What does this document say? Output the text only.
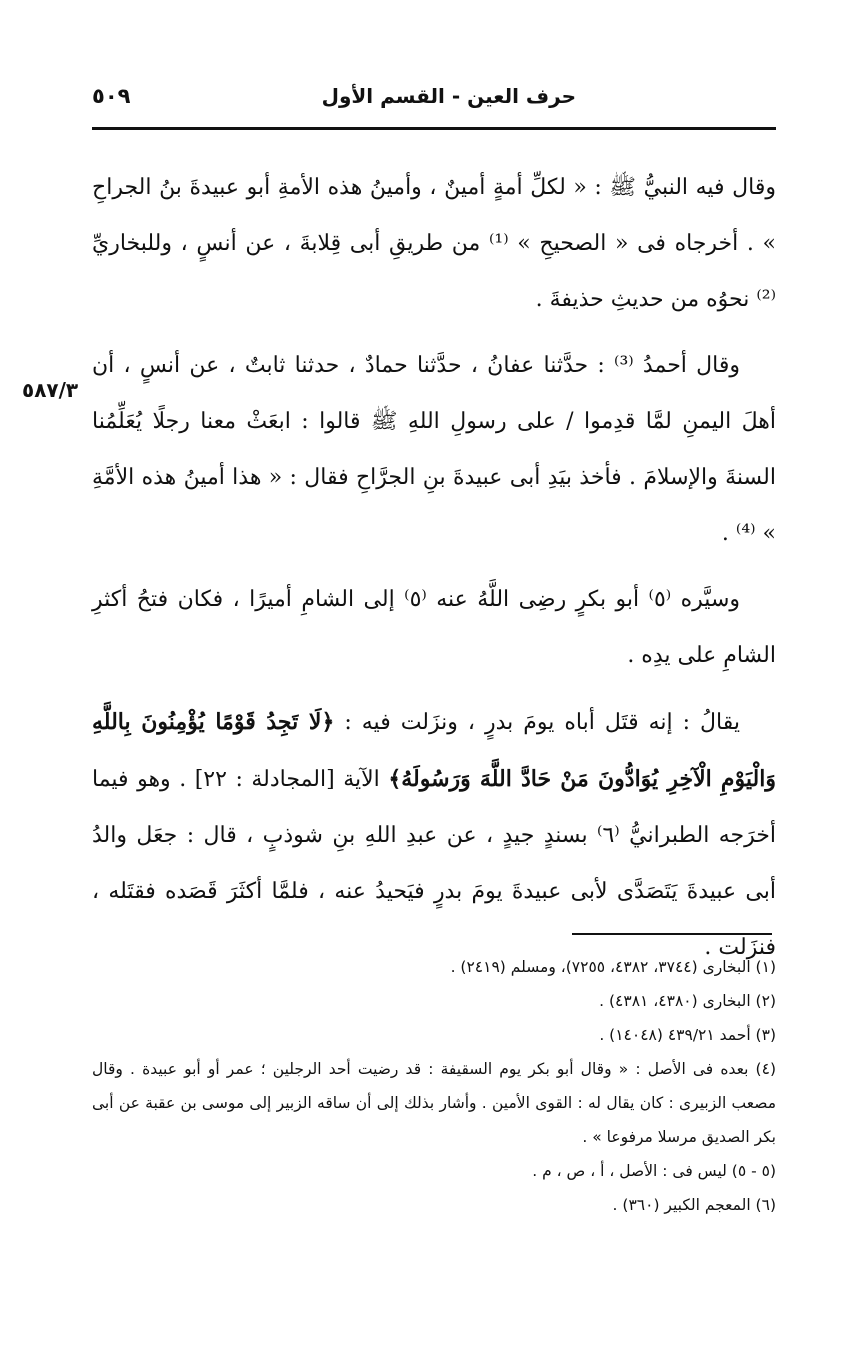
حرف العين - القسم الأول
٥٠٩
٥٨٧/٣

وقال فيه النبيُّ ﷺ : « لكلِّ أمةٍ أمينٌ ، وأمينُ هذه الأمةِ أبو عبيدةَ بنُ الجراحِ » . أخرجاه فى « الصحيحِ » ⁽¹⁾ من طريقِ أبى قِلابةَ ، عن أنسٍ ، وللبخاريِّ ⁽²⁾ نحوُه من حديثِ حذيفةَ .

وقال أحمدُ ⁽³⁾ : حدَّثنا عفانُ ، حدَّثنا حمادٌ ، حدثنا ثابتٌ ، عن أنسٍ ، أن أهلَ اليمنِ لمَّا قدِموا / على رسولِ اللهِ ﷺ قالوا : ابعَثْ معنا رجلًا يُعَلِّمُنا السنةَ والإسلامَ . فأخذ بيَدِ أبى عبيدةَ بنِ الجرَّاحِ فقال : « هذا أمينُ هذه الأمَّةِ » ⁽⁴⁾ .

وسيَّره ⁽٥⁾ أبو بكرٍ رضِى اللَّهُ عنه ⁽٥⁾ إلى الشامِ أميرًا ، فكان فتحُ أكثرِ الشامِ على يدِه .

يقالُ : إنه قتَل أباه يومَ بدرٍ ، ونزَلت فيه : ﴿لَا تَجِدُ قَوْمًا يُؤْمِنُونَ بِاللَّهِ وَالْيَوْمِ الْآخِرِ يُوَادُّونَ مَنْ حَادَّ اللَّهَ وَرَسُولَهُ﴾ الآية [المجادلة : ٢٢] . وهو فيما أخرَجه الطبرانيُّ ⁽٦⁾ بسندٍ جيدٍ ، عن عبدِ اللهِ بنِ شوذبٍ ، قال : جعَل والدُ أبى عبيدةَ يَتَصَدَّى لأبى عبيدةَ يومَ بدرٍ فيَحيدُ عنه ، فلمَّا أكثَرَ قَصَده فقتَله ، فنزَلت .

(١) البخارى (٣٧٤٤، ٤٣٨٢، ٧٢٥٥)، ومسلم (٢٤١٩) .

(٢) البخارى (٤٣٨٠، ٤٣٨١) .

(٣) أحمد ٤٣٩/٢١ (١٤٠٤٨) .

(٤) بعده فى الأصل : « وقال أبو بكر يوم السقيفة : قد رضيت أحد الرجلين ؛ عمر أو أبو عبيدة . وقال مصعب الزبيرى : كان يقال له : القوى الأمين . وأشار بذلك إلى أن ساقه الزبير إلى موسى بن عقبة عن أبى بكر الصديق مرسلا مرفوعا » .

(٥ - ٥) ليس فى : الأصل ، أ ، ص ، م .

(٦) المعجم الكبير (٣٦٠) .
